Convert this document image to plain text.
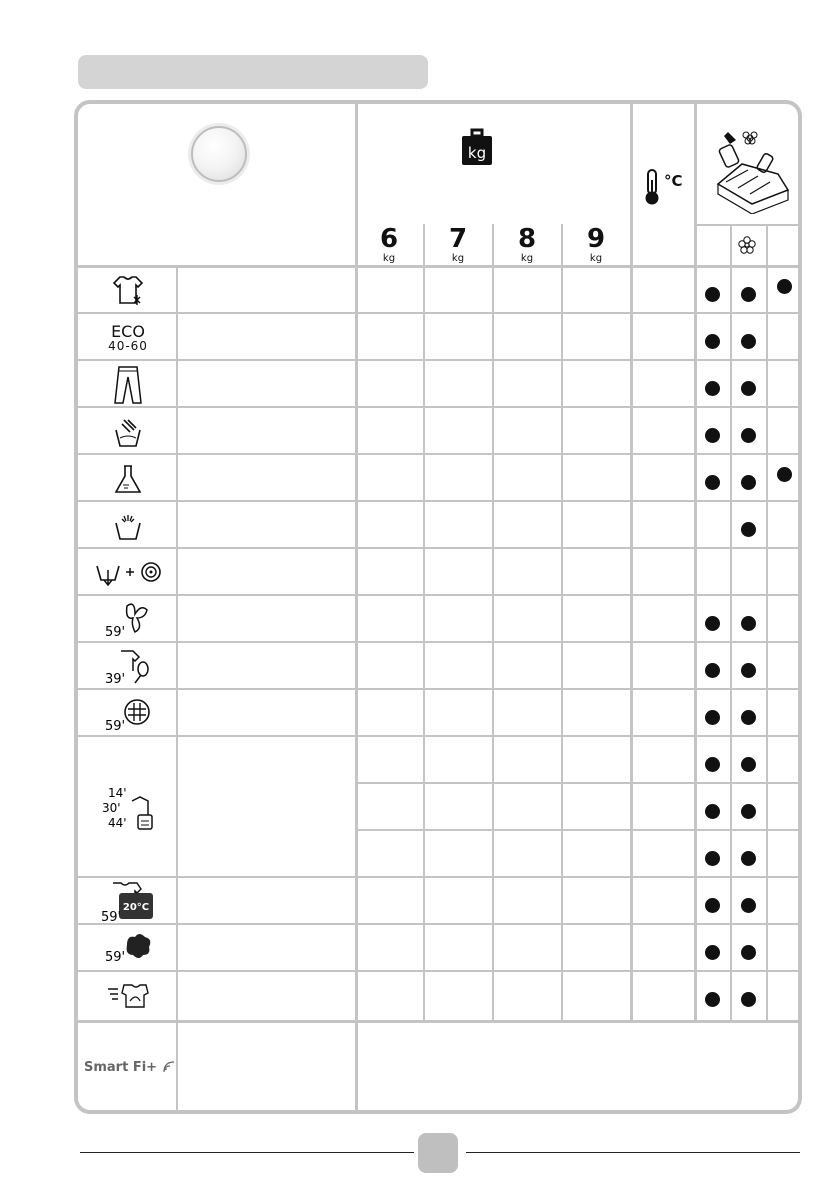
kg
6
kg
7
kg
8
kg
9
kg
°C
ECO
40-60
59'
39'
59'
14'
30'
44'
20°C
59'
59'
Smart Fi+
